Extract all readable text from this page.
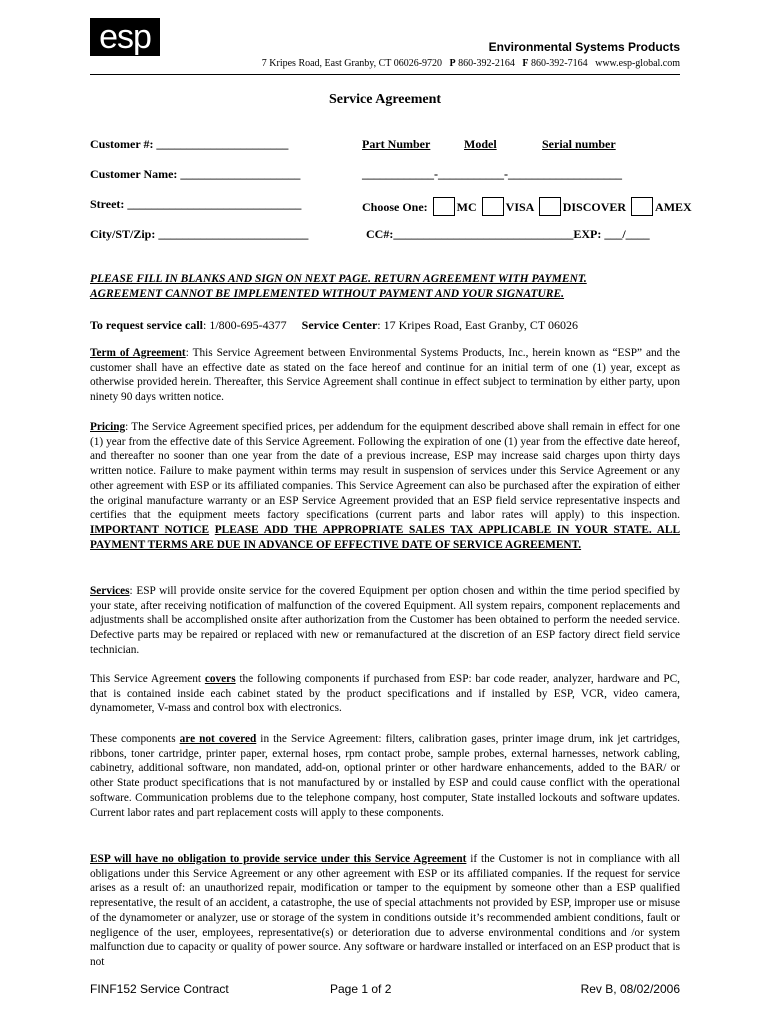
esp	Environmental Systems Products
7 Kripes Road, East Granby, CT 06026-9720 P 860-392-2164 F 860-392-7164 www.esp-global.com
Service Agreement
Customer #: ______________________
Customer Name: ____________________
Street: _____________________________
City/ST/Zip: _________________________
Part Number	Model	Serial number
____________-___________-___________________
Choose One: MC VISA DISCOVER AMEX
CC#:______________________________EXP: ___/____
PLEASE FILL IN BLANKS AND SIGN ON NEXT PAGE. RETURN AGREEMENT WITH PAYMENT.
AGREEMENT CANNOT BE IMPLEMENTED WITHOUT PAYMENT AND YOUR SIGNATURE.
To request service call: 1/800-695-4377 Service Center: 17 Kripes Road, East Granby, CT 06026
Term of Agreement: This Service Agreement between Environmental Systems Products, Inc., herein known as “ESP” and the customer shall have an effective date as stated on the face hereof and continue for an initial term of one (1) year, except as otherwise provided herein. Thereafter, this Service Agreement shall continue in effect subject to termination by either party, upon ninety 90 days written notice.
Pricing: The Service Agreement specified prices, per addendum for the equipment described above shall remain in effect for one (1) year from the effective date of this Service Agreement. Following the expiration of one (1) year from the effective date hereof, and thereafter no sooner than one year from the date of a previous increase, ESP may increase said charges upon thirty days written notice. Failure to make payment within terms may result in suspension of services under this Service Agreement or any other agreement with ESP or its affiliated companies. This Service Agreement can also be purchased after the expiration of either the original manufacture warranty or an ESP Service Agreement provided that an ESP field service representative inspects and certifies that the equipment meets factory specifications (current parts and labor rates will apply) to this inspection. IMPORTANT NOTICE PLEASE ADD THE APPROPRIATE SALES TAX APPLICABLE IN YOUR STATE. ALL PAYMENT TERMS ARE DUE IN ADVANCE OF EFFECTIVE DATE OF SERVICE AGREEMENT.
Services: ESP will provide onsite service for the covered Equipment per option chosen and within the time period specified by your state, after receiving notification of malfunction of the covered Equipment. All system repairs, component replacements and adjustments shall be accomplished onsite after authorization from the Customer has been obtained to perform the needed service. Defective parts may be repaired or replaced with new or remanufactured at the discretion of an ESP factory direct field service technician.
This Service Agreement covers the following components if purchased from ESP: bar code reader, analyzer, hardware and PC, that is contained inside each cabinet stated by the product specifications and if installed by ESP, VCR, video camera, dynamometer, V-mass and control box with electronics.
These components are not covered in the Service Agreement: filters, calibration gases, printer image drum, ink jet cartridges, ribbons, toner cartridge, printer paper, external hoses, rpm contact probe, sample probes, external harnesses, network cabling, cabinetry, additional software, non mandated, add-on, optional printer or other hardware enhancements, added to the BAR/ or other State product specifications that is not manufactured by or installed by ESP and could cause conflict with the operational software. Communication problems due to the telephone company, host computer, State installed lockouts and software updates. Current labor rates and part replacement costs will apply to these components.
ESP will have no obligation to provide service under this Service Agreement if the Customer is not in compliance with all obligations under this Service Agreement or any other agreement with ESP or its affiliated companies. If the request for service arises as a result of: an unauthorized repair, modification or tamper to the equipment by someone other than a ESP qualified representative, the result of an accident, a catastrophe, the use of special attachments not provided by ESP, improper use or misuse of the dynamometer or analyzer, use or storage of the system in conditions outside it’s recommended ambient conditions, fault or negligence of the user, employees, representative(s) or deterioration due to adverse environmental conditions and /or system malfunction due to capacity or quality of power source. Any software or hardware installed or interfaced on an ESP product that is not
FINF152 Service Contract	Page 1 of 2	Rev B, 08/02/2006
